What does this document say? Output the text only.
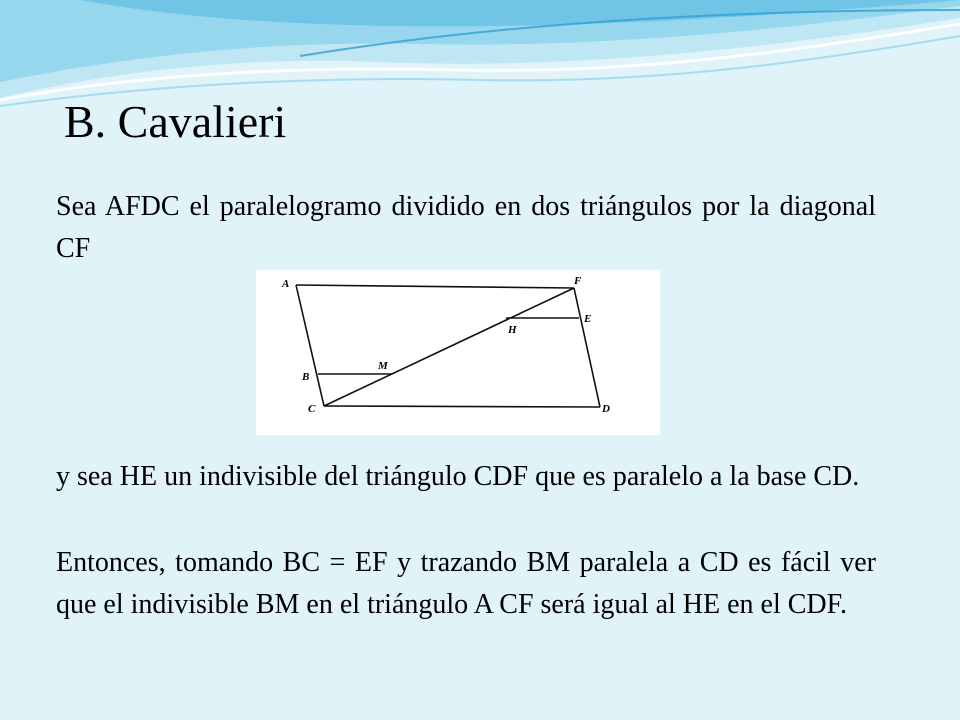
B. Cavalieri

Sea AFDC el paralelogramo dividido en dos triángulos por la diagonal CF

A	F
E
H
M
B
C	D

y sea HE un indivisible del triángulo CDF que es paralelo a la base CD.

Entonces, tomando BC = EF y trazando BM paralela a CD es fácil ver que el indivisible BM en el triángulo A CF será igual al HE en el CDF.
